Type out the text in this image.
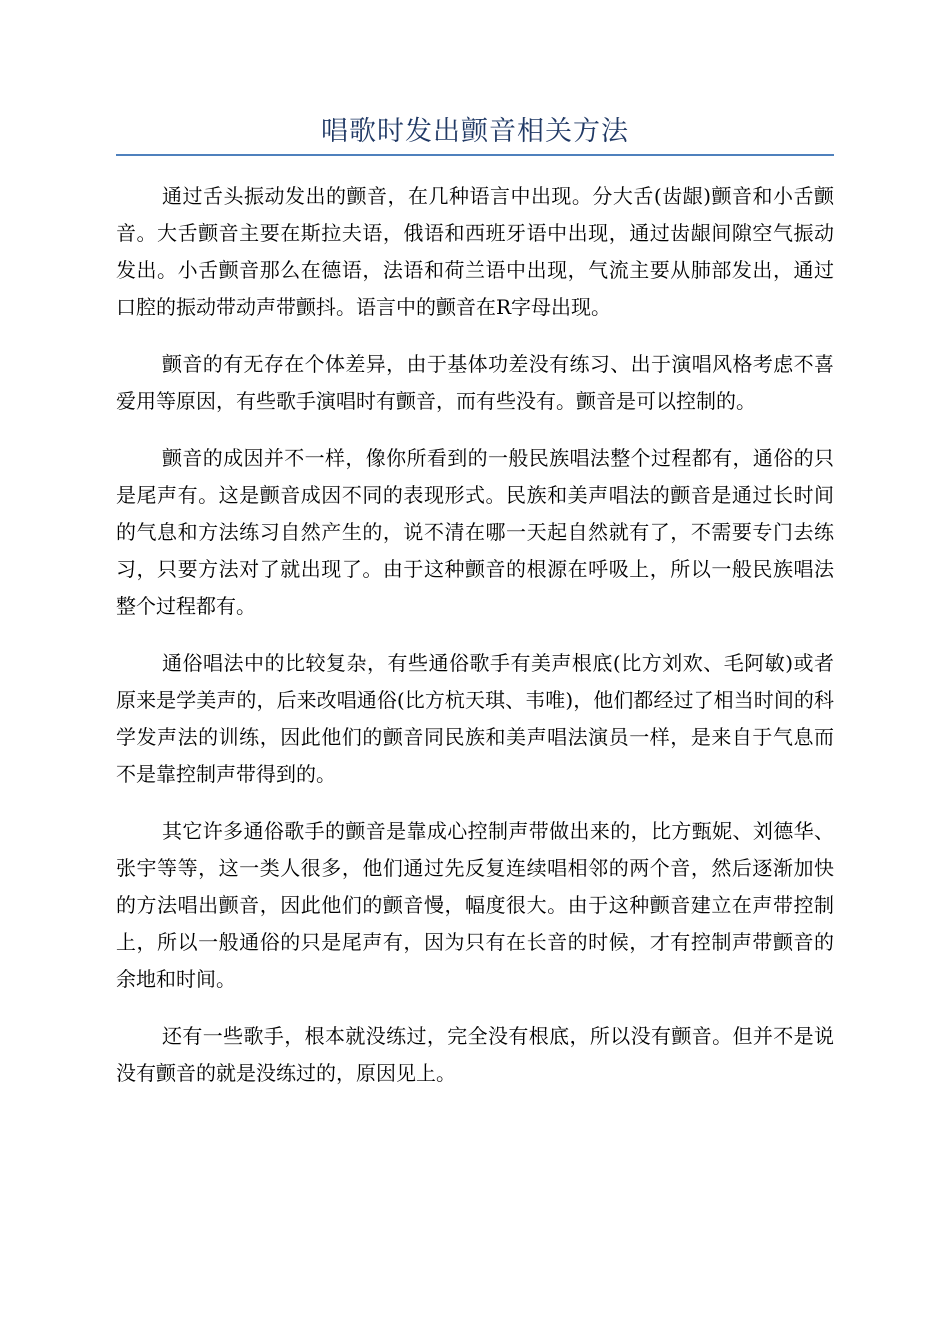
唱歌时发出颤音相关方法

通过舌头振动发出的颤音，在几种语言中出现。分大舌(齿龈)颤音和小舌颤音。大舌颤音主要在斯拉夫语，俄语和西班牙语中出现，通过齿龈间隙空气振动发出。小舌颤音那么在德语，法语和荷兰语中出现，气流主要从肺部发出，通过口腔的振动带动声带颤抖。语言中的颤音在R字母出现。

颤音的有无存在个体差异，由于基体功差没有练习、出于演唱风格考虑不喜爱用等原因，有些歌手演唱时有颤音，而有些没有。颤音是可以控制的。

颤音的成因并不一样，像你所看到的一般民族唱法整个过程都有，通俗的只是尾声有。这是颤音成因不同的表现形式。民族和美声唱法的颤音是通过长时间的气息和方法练习自然产生的，说不清在哪一天起自然就有了，不需要专门去练习，只要方法对了就出现了。由于这种颤音的根源在呼吸上，所以一般民族唱法整个过程都有。

通俗唱法中的比较复杂，有些通俗歌手有美声根底(比方刘欢、毛阿敏)或者原来是学美声的，后来改唱通俗(比方杭天琪、韦唯)，他们都经过了相当时间的科学发声法的训练，因此他们的颤音同民族和美声唱法演员一样，是来自于气息而不是靠控制声带得到的。

其它许多通俗歌手的颤音是靠成心控制声带做出来的，比方甄妮、刘德华、张宇等等，这一类人很多，他们通过先反复连续唱相邻的两个音，然后逐渐加快的方法唱出颤音，因此他们的颤音慢，幅度很大。由于这种颤音建立在声带控制上，所以一般通俗的只是尾声有，因为只有在长音的时候，才有控制声带颤音的余地和时间。

还有一些歌手，根本就没练过，完全没有根底，所以没有颤音。但并不是说没有颤音的就是没练过的，原因见上。
